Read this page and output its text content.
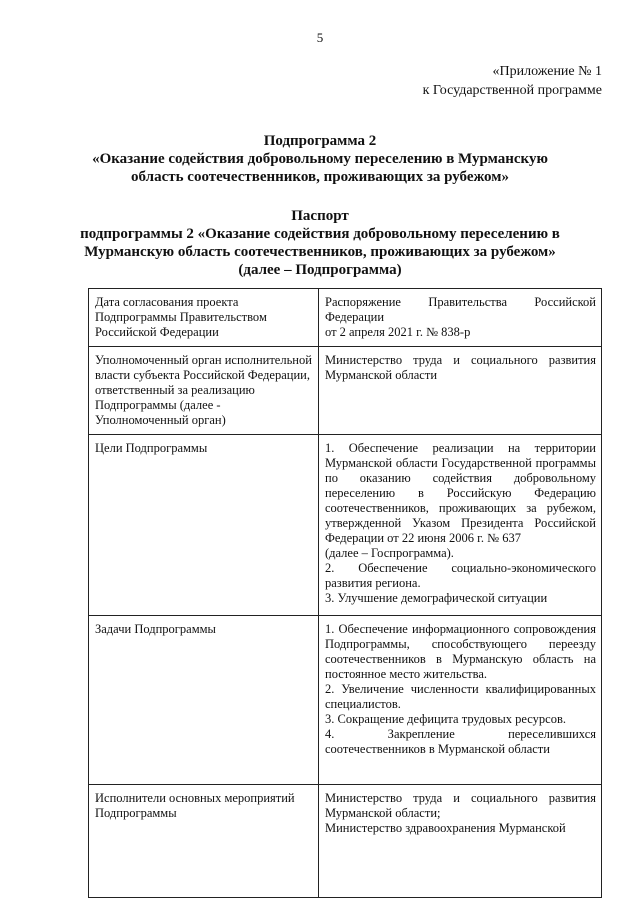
5
«Приложение № 1
к Государственной программе
Подпрограмма 2
«Оказание содействия добровольному переселению в Мурманскую
область соотечественников, проживающих за рубежом»
Паспорт
подпрограммы 2 «Оказание содействия добровольному переселению в
Мурманскую область соотечественников, проживающих за рубежом»
(далее – Подпрограмма)
Дата согласования проекта Подпрограммы Правительством Российской Федерации	Распоряжение Правительства Российской Федерации
от 2 апреля 2021 г. № 838-р

Уполномоченный орган исполнительной власти субъекта Российской Федерации, ответственный за реализацию Подпрограммы (далее - Уполномоченный орган)	Министерство труда и социального развития Мурманской области

Цели Подпрограммы	1. Обеспечение реализации на территории Мурманской области Государственной программы по оказанию содействия добровольному переселению в Российскую Федерацию соотечественников, проживающих за рубежом, утвержденной Указом Президента Российской Федерации от 22 июня 2006 г. № 637
(далее – Госпрограмма).
2. Обеспечение социально-экономического развития региона.
3. Улучшение демографической ситуации

Задачи Подпрограммы	1. Обеспечение информационного сопровождения Подпрограммы, способствующего переезду соотечественников в Мурманскую область на постоянное место жительства.
2. Увеличение численности квалифицированных специалистов.
3. Сокращение дефицита трудовых ресурсов.
4. Закрепление переселившихся соотечественников в Мурманской области

Исполнители основных мероприятий Подпрограммы	Министерство труда и социального развития Мурманской области;
Министерство здравоохранения Мурманской
